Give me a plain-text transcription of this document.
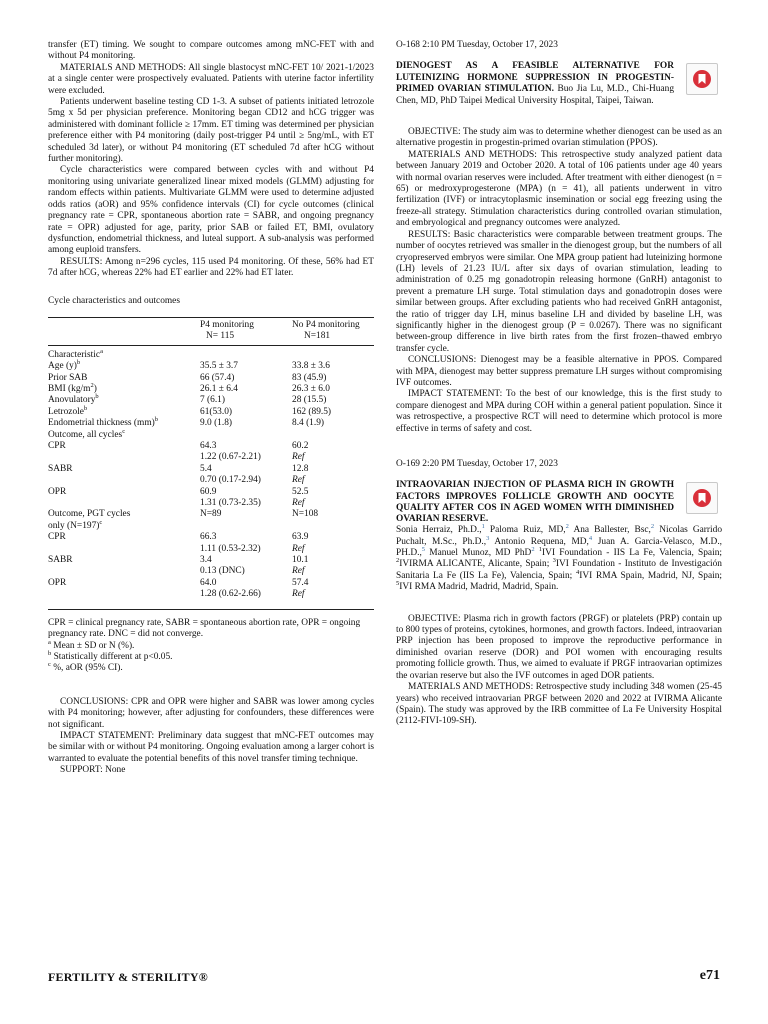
transfer (ET) timing. We sought to compare outcomes among mNC-FET with and without P4 monitoring.

MATERIALS AND METHODS: All single blastocyst mNC-FET 10/ 2021-1/2023 at a single center were prospectively evaluated. Patients with uterine factor infertility were excluded.

Patients underwent baseline testing CD 1-3. A subset of patients initiated letrozole 5mg x 5d per physician preference. Monitoring began CD12 and hCG trigger was administered with dominant follicle ≥ 17mm. ET timing was determined per physician preference either with P4 monitoring (daily post-trigger P4 until ≥ 5ng/mL, with ET scheduled 3d later), or without P4 monitoring (ET scheduled 7d after hCG without further monitoring).

Cycle characteristics were compared between cycles with and without P4 monitoring using univariate generalized linear mixed models (GLMM) adjusting for random effects within patients. Multivariate GLMM were used to determine adjusted odds ratios (aOR) and 95% confidence intervals (CI) for cycle outcomes (clinical pregnancy rate = CPR, spontaneous abortion rate = SABR, and ongoing pregnancy rate = OPR) adjusted for age, parity, prior SAB or failed ET, BMI, ovulatory dysfunction, endometrial thickness, and luteal support. A sub-analysis was performed among euploid transfers.

RESULTS: Among n=296 cycles, 115 used P4 monitoring. Of these, 56% had ET 7d after hCG, whereas 22% had ET earlier and 22% had ET later.

Cycle characteristics and outcomes
	P4 monitoring	No P4 monitoring
	N= 115	N=181
Characteristic$^a$		
Age $(y)^b$	35.5 ± 3.7	33.8 ± 3.6
Prior SAB	66 (57.4)	83 (45.9)
BMI $(kg/m^2)$	26.1 ± 6.4	26.3 ± 6.0
Anovulatory$^b$	7 (6.1)	28 (15.5)
Letrozole$^b$	61(53.0)	162 (89.5)
Endometrial thickness (mm)$^b$	9.0 (1.8)	8.4 (1.9)
Outcome, all cycles$^c$		
CPR	64.3	60.2
	1.22 (0.67-2.21)	Ref
SABR	5.4	12.8
	0.70 (0.17-2.94)	Ref
OPR	60.9	52.5
	1.31 (0.73-2.35)	Ref
Outcome, PGT cycles	N=89	N=108
only (N=197)$^c$		
CPR	66.3	63.9
	1.11 (0.53-2.32)	Ref
SABR	3.4	10.1
	0.13 (DNC)	Ref
OPR	64.0	57.4
	1.28 (0.62-2.66)	Ref

CPR = clinical pregnancy rate, SABR = spontaneous abortion rate, OPR = ongoing pregnancy rate. DNC = did not converge.

$^a$ Mean ± SD or N (%).

$^b$ Statistically different at p<0.05.

$^c$ %, aOR (95% CI).

CONCLUSIONS: CPR and OPR were higher and SABR was lower among cycles with P4 monitoring; however, after adjusting for confounders, these differences were not significant.

IMPACT STATEMENT: Preliminary data suggest that mNC-FET outcomes may be similar with or without P4 monitoring. Ongoing evaluation among a larger cohort is warranted to evaluate the potential benefits of this novel transfer timing technique.

SUPPORT: None

O-168 2:10 PM Tuesday, October 17, 2023

DIENOGEST AS A FEASIBLE ALTERNATIVE FOR LUTEINIZING HORMONE SUPPRESSION IN PROGESTIN-PRIMED OVARIAN STIMULATION. Buo Jia Lu, M.D., Chi-Huang Chen, MD, PhD Taipei Medical University Hospital, Taipei, Taiwan.

OBJECTIVE: The study aim was to determine whether dienogest can be used as an alternative progestin in progestin-primed ovarian stimulation (PPOS).

MATERIALS AND METHODS: This retrospective study analyzed patient data between January 2019 and October 2020. A total of 106 patients under age 40 years with normal ovarian reserves were included. After treatment with either dienogest (n = 65) or medroxyprogesterone (MPA) (n = 41), all patients underwent in vitro fertilization (IVF) or intracytoplasmic insemination or social egg freezing using the freeze-all strategy. Stimulation characteristics during controlled ovarian stimulation, and embryological and pregnancy outcomes were analyzed.

RESULTS: Basic characteristics were comparable between treatment groups. The number of oocytes retrieved was smaller in the dienogest group, but the numbers of all cryopreserved embryos were similar. One MPA group patient had luteinizing hormone (LH) levels of 21.23 IU/L after six days of ovarian stimulation, leading to administration of 0.25 mg gonadotropin releasing hormone (GnRH) antagonist to prevent a premature LH surge. Total stimulation days and gonadotropin doses were similar between groups. After excluding patients who had received GnRH antagonist, the ratio of trigger day LH, minus baseline LH and divided by baseline LH, was significantly higher in the dienogest group (P = 0.0267). There was no significant between-group difference in live birth rates from the first frozen–thawed embryo transfer cycle.

CONCLUSIONS: Dienogest may be a feasible alternative in PPOS. Compared with MPA, dienogest may better suppress premature LH surges without compromising IVF outcomes.

IMPACT STATEMENT: To the best of our knowledge, this is the first study to compare dienogest and MPA during COH within a general patient population. Since it was retrospective, a prospective RCT will need to determine which protocol is more effective in terms of safety and cost.

O-169 2:20 PM Tuesday, October 17, 2023

INTRAOVARIAN INJECTION OF PLASMA RICH IN GROWTH FACTORS IMPROVES FOLLICLE GROWTH AND OOCYTE QUALITY AFTER COS IN AGED WOMEN WITH DIMINISHED OVARIAN RESERVE.

Sonia Herraiz, Ph.D.,$^1$ Paloma Ruiz, MD,$^2$ Ana Ballester, Bsc,$^2$ Nicolas Garrido Puchalt, M.Sc., Ph.D.,$^3$ Antonio Requena, MD,$^4$ Juan A. Garcia-Velasco, M.D., PH.D.,$^5$ Manuel Munoz, MD PhD$^2$ $^1$IVI Foundation - IIS La Fe, Valencia, Spain; $^2$IVIRMA ALICANTE, Alicante, Spain; $^3$IVI Foundation - Instituto de Investigación Sanitaria La Fe (IIS La Fe), Valencia, Spain; $^4$IVI RMA Spain, Madrid, NJ, Spain; $^5$IVI RMA Madrid, Madrid, Madrid, Spain.

OBJECTIVE: Plasma rich in growth factors (PRGF) or platelets (PRP) contain up to 800 types of proteins, cytokines, hormones, and growth factors. Indeed, intraovarian PRP injection has been proposed to improve the reproductive performance in diminished ovarian reserve (DOR) and POI women with encouraging results promoting follicle growth. Thus, we aimed to evaluate if PRGF intraovarian optimizes the ovarian reserve but also the IVF outcomes in aged DOR patients.

MATERIALS AND METHODS: Retrospective study including 348 women (25-45 years) who received intraovarian PRGF between 2020 and 2022 at IVIRMA Alicante (Spain). The study was approved by the IRB committee of La Fe University Hospital (2112-FIVI-109-SH).

FERTILITY & STERILITY®	e71
